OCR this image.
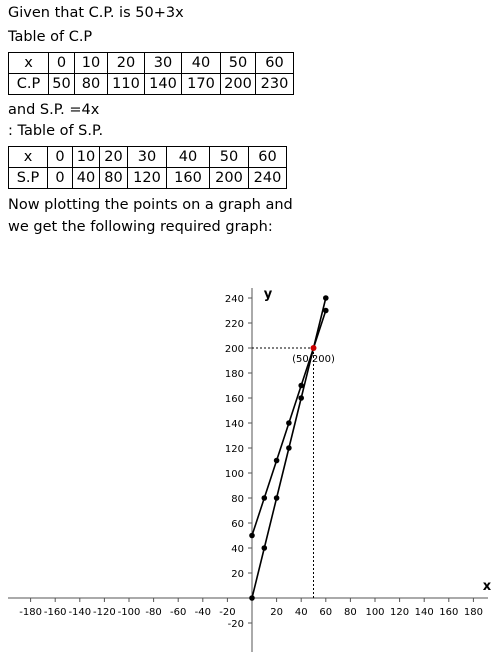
Given that C.P. is 50+3x
Table of C.P
x	0	10	20	30	40	50	60
C.P	50	80	110	140	170	200	230
and S.P. =4x
: Table of S.P.
x	0	10	20	30	40	50	60
S.P	0	40	80	120	160	200	240
Now plotting the points on a graph and
we get the following required graph:
x
y
-180 -160 -140 -120 -100 -80 -60 -40 -20	20 40 60 80 100 120 140 160 180
-20
20
40
60
80
100
120
140
160
180
200
220
240
(50,200)
